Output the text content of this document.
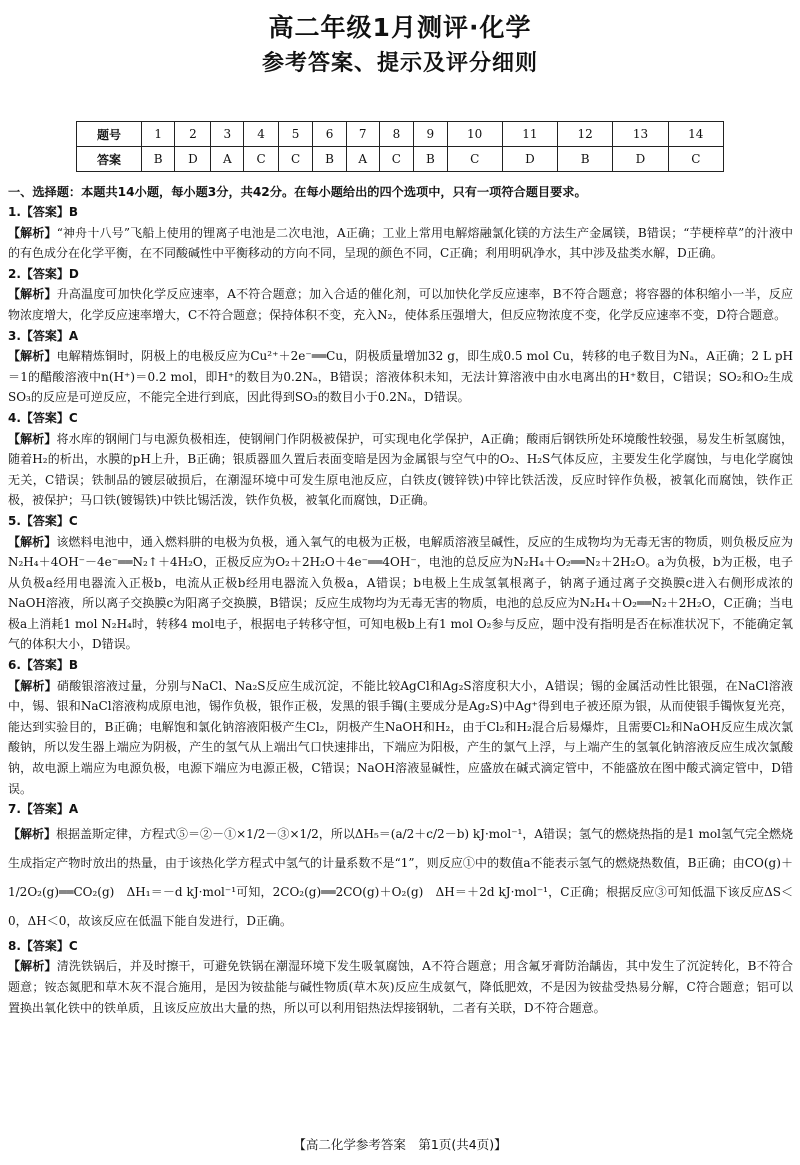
高二年级1月测评·化学
参考答案、提示及评分细则
题号	1	2	3	4	5	6	7	8	9	10	11	12	13	14
答案	B	D	A	C	C	B	A	C	B	C	D	B	D	C
一、选择题：本题共14小题，每小题3分，共42分。在每小题给出的四个选项中，只有一项符合题目要求。

1.【答案】B

【解析】“神舟十八号”飞船上使用的锂离子电池是二次电池，A正确；工业上常用电解熔融氯化镁的方法生产金属镁，B错误；“芋梗梓草”的汁液中的有色成分在化学平衡，在不同酸碱性中平衡移动的方向不同，呈现的颜色不同，C正确；利用明矾净水，其中涉及盐类水解，D正确。

2.【答案】D

【解析】升高温度可加快化学反应速率，A不符合题意；加入合适的催化剂，可以加快化学反应速率，B不符合题意；将容器的体积缩小一半，反应物浓度增大，化学反应速率增大，C不符合题意；保持体积不变，充入N₂，使体系压强增大，但反应物浓度不变，化学反应速率不变，D符合题意。

3.【答案】A

【解析】电解精炼铜时，阴极上的电极反应为Cu²⁺＋2e⁻══Cu，阴极质量增加32 g，即生成0.5 mol Cu，转移的电子数目为Nₐ，A正确；2 L pH＝1的醋酸溶液中n(H⁺)＝0.2 mol，即H⁺的数目为0.2Nₐ，B错误；溶液体积未知，无法计算溶液中由水电离出的H⁺数目，C错误；SO₂和O₂生成SO₃的反应是可逆反应，不能完全进行到底，因此得到SO₃的数目小于0.2Nₐ，D错误。

4.【答案】C

【解析】将水库的钢闸门与电源负极相连，使钢闸门作阴极被保护，可实现电化学保护，A正确；酸雨后钢铁所处环境酸性较强，易发生析氢腐蚀，随着H₂的析出，水膜的pH上升，B正确；银质器皿久置后表面变暗是因为金属银与空气中的O₂、H₂S气体反应，主要发生化学腐蚀，与电化学腐蚀无关，C错误；铁制品的镀层破损后，在潮湿环境中可发生原电池反应，白铁皮(镀锌铁)中锌比铁活泼，反应时锌作负极，被氧化而腐蚀，铁作正极，被保护；马口铁(镀锡铁)中铁比锡活泼，铁作负极，被氧化而腐蚀，D正确。

5.【答案】C

【解析】该燃料电池中，通入燃料肼的电极为负极，通入氧气的电极为正极，电解质溶液呈碱性，反应的生成物均为无毒无害的物质，则负极反应为N₂H₄＋4OH⁻－4e⁻══N₂↑＋4H₂O，正极反应为O₂＋2H₂O＋4e⁻══4OH⁻，电池的总反应为N₂H₄＋O₂══N₂＋2H₂O。a为负极，b为正极，电子从负极a经用电器流入正极b，电流从正极b经用电器流入负极a，A错误；b电极上生成氢氧根离子，钠离子通过离子交换膜c进入右侧形成浓的NaOH溶液，所以离子交换膜c为阳离子交换膜，B错误；反应生成物均为无毒无害的物质，电池的总反应为N₂H₄＋O₂══N₂＋2H₂O，C正确；当电极a上消耗1 mol N₂H₄时，转移4 mol电子，根据电子转移守恒，可知电极b上有1 mol O₂参与反应，题中没有指明是否在标准状况下，不能确定氧气的体积大小，D错误。

6.【答案】B

【解析】硝酸银溶液过量，分别与NaCl、Na₂S反应生成沉淀，不能比较AgCl和Ag₂S溶度积大小，A错误；锡的金属活动性比银强，在NaCl溶液中，锡、银和NaCl溶液构成原电池，锡作负极，银作正极，发黑的银手镯(主要成分是Ag₂S)中Ag⁺得到电子被还原为银，从而使银手镯恢复光亮，能达到实验目的，B正确；电解饱和氯化钠溶液阳极产生Cl₂，阴极产生NaOH和H₂，由于Cl₂和H₂混合后易爆炸，且需要Cl₂和NaOH反应生成次氯酸钠，所以发生器上端应为阴极，产生的氢气从上端出气口快速排出，下端应为阳极，产生的氯气上浮，与上端产生的氢氧化钠溶液反应生成次氯酸钠，故电源上端应为电源负极，电源下端应为电源正极，C错误；NaOH溶液显碱性，应盛放在碱式滴定管中，不能盛放在图中酸式滴定管中，D错误。

7.【答案】A

【解析】根据盖斯定律，方程式⑤＝②－①×1/2－③×1/2，所以ΔH₅＝(a/2＋c/2－b) kJ·mol⁻¹，A错误；氢气的燃烧热指的是1 mol氢气完全燃烧生成指定产物时放出的热量，由于该热化学方程式中氢气的计量系数不是“1”，则反应①中的数值a不能表示氢气的燃烧热数值，B正确；由CO(g)＋1/2O₂(g)══CO₂(g)　ΔH₁＝－d kJ·mol⁻¹可知，2CO₂(g)══2CO(g)＋O₂(g)　ΔH＝＋2d kJ·mol⁻¹，C正确；根据反应③可知低温下该反应ΔS＜0，ΔH＜0，故该反应在低温下能自发进行，D正确。

8.【答案】C

【解析】清洗铁锅后，并及时擦干，可避免铁锅在潮湿环境下发生吸氧腐蚀，A不符合题意；用含氟牙膏防治龋齿，其中发生了沉淀转化，B不符合题意；铵态氮肥和草木灰不混合施用，是因为铵盐能与碱性物质(草木灰)反应生成氨气，降低肥效，不是因为铵盐受热易分解，C符合题意；铝可以置换出氧化铁中的铁单质，且该反应放出大量的热，所以可以利用铝热法焊接钢轨，二者有关联，D不符合题意。

【高二化学参考答案　第1页(共4页)】
